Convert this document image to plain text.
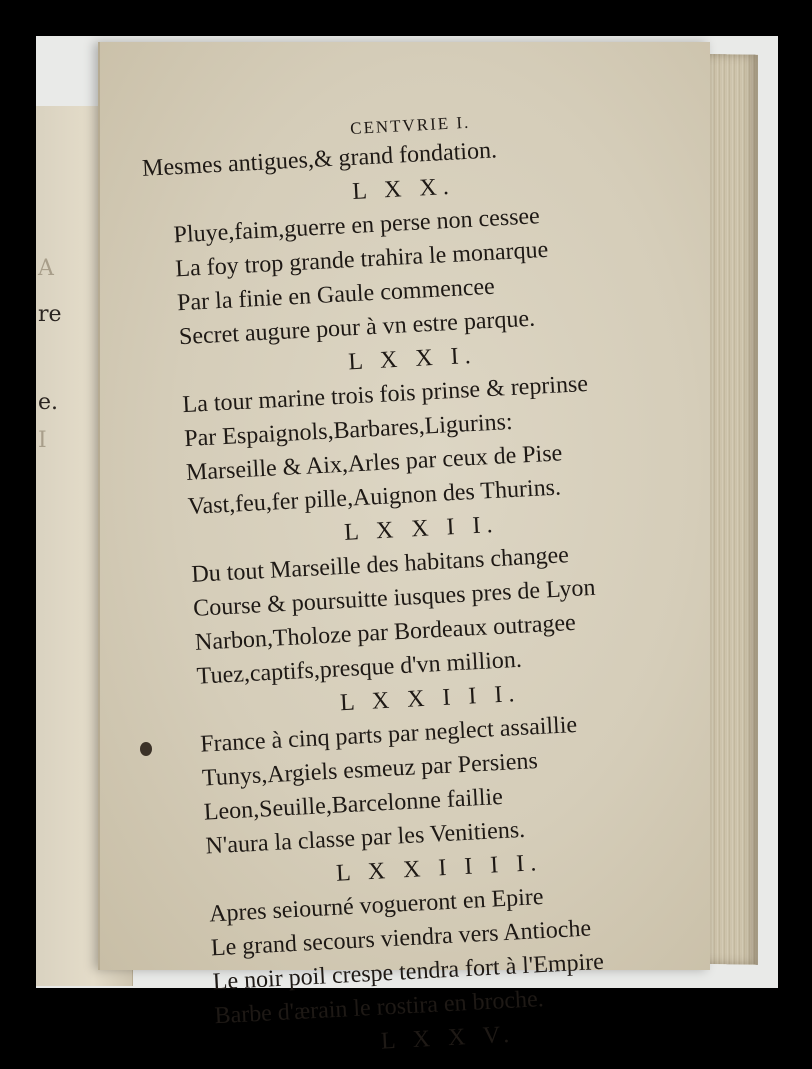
A
re
e.
I
CENTVRIE I.
Mesmes antigues,& grand fondation.
L X X.
Pluye,faim,guerre en perse non cessee
La foy trop grande trahira le monarque
Par la finie en Gaule commencee
Secret augure pour à vn estre parque.
L X X I.
La tour marine trois fois prinse & reprinse
Par Espaignols,Barbares,Ligurins:
Marseille & Aix,Arles par ceux de Pise
Vast,feu,fer pille,Auignon des Thurins.
L X X I I.
Du tout Marseille des habitans changee
Course & poursuitte iusques pres de Lyon
Narbon,Tholoze par Bordeaux outragee
Tuez,captifs,presque d'vn million.
L X X I I I.
France à cinq parts par neglect assaillie
Tunys,Argiels esmeuz par Persiens
Leon,Seuille,Barcelonne faillie
N'aura la classe par les Venitiens.
L X X I I I I.
Apres seiourné vogueront en Epire
Le grand secours viendra vers Antioche
Le noir poil crespe tendra fort à l'Empire
Barbe d'ærain le rostira en broche.
L X X V.
